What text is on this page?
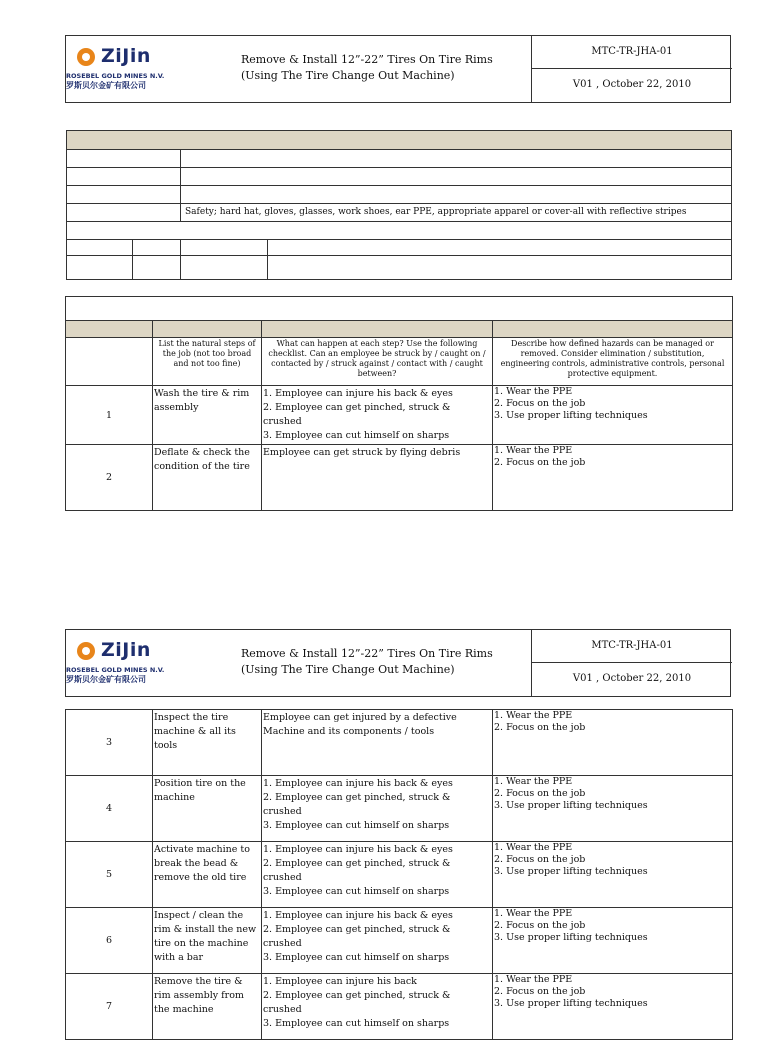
ZiJin
ROSEBEL GOLD MINES N.V.
罗斯贝尔金矿有限公司
Remove & Install 12”-22” Tires On Tire Rims
(Using The Tire Change Out Machine)
MTC-TR-JHA-01
V01 , October 22, 2010

		Safety; hard hat, gloves, glasses, work shoes, ear PPE, appropriate apparel or cover-all with reflective stripes	

	List the natural steps of the job (not too broad and not too fine)	What can happen at each step? Use the following checklist. Can an employee be struck by / caught on / contacted by / struck against / contact with / caught between?	Describe how defined hazards can be managed or removed. Consider elimination / substitution, engineering controls, administrative controls, personal protective equipment.
1	Wash the tire & rim assembly	1. Employee can injure his back & eyes
2. Employee can get pinched, struck & crushed
3. Employee can cut himself on sharps	1. Wear the PPE
2. Focus on the job
3. Use proper lifting techniques

2	Deflate & check the condition of the tire	Employee can get struck by flying debris	1. Wear the PPE
2. Focus on the job
ZiJin
ROSEBEL GOLD MINES N.V.
罗斯贝尔金矿有限公司
Remove & Install 12”-22” Tires On Tire Rims
(Using The Tire Change Out Machine)
MTC-TR-JHA-01
V01 , October 22, 2010
3	Inspect the tire machine & all its tools	Employee can get injured by a defective Machine and its components / tools	1. Wear the PPE
2. Focus on the job

4	Position tire on the machine	1. Employee can injure his back & eyes
2. Employee can get pinched, struck & crushed
3. Employee can cut himself on sharps	1. Wear the PPE
2. Focus on the job
3. Use proper lifting techniques

5	Activate machine to break the bead & remove the old tire	1. Employee can injure his back & eyes
2. Employee can get pinched, struck & crushed
3. Employee can cut himself on sharps	1. Wear the PPE
2. Focus on the job
3. Use proper lifting techniques

6	Inspect / clean the rim & install the new tire on the machine with a bar	1. Employee can injure his back & eyes
2. Employee can get pinched, struck & crushed
3. Employee can cut himself on sharps	1. Wear the PPE
2. Focus on the job
3. Use proper lifting techniques

7	Remove the tire & rim assembly from the machine	1. Employee can injure his back
2. Employee can get pinched, struck & crushed
3. Employee can cut himself on sharps	1. Wear the PPE
2. Focus on the job
3. Use proper lifting techniques
